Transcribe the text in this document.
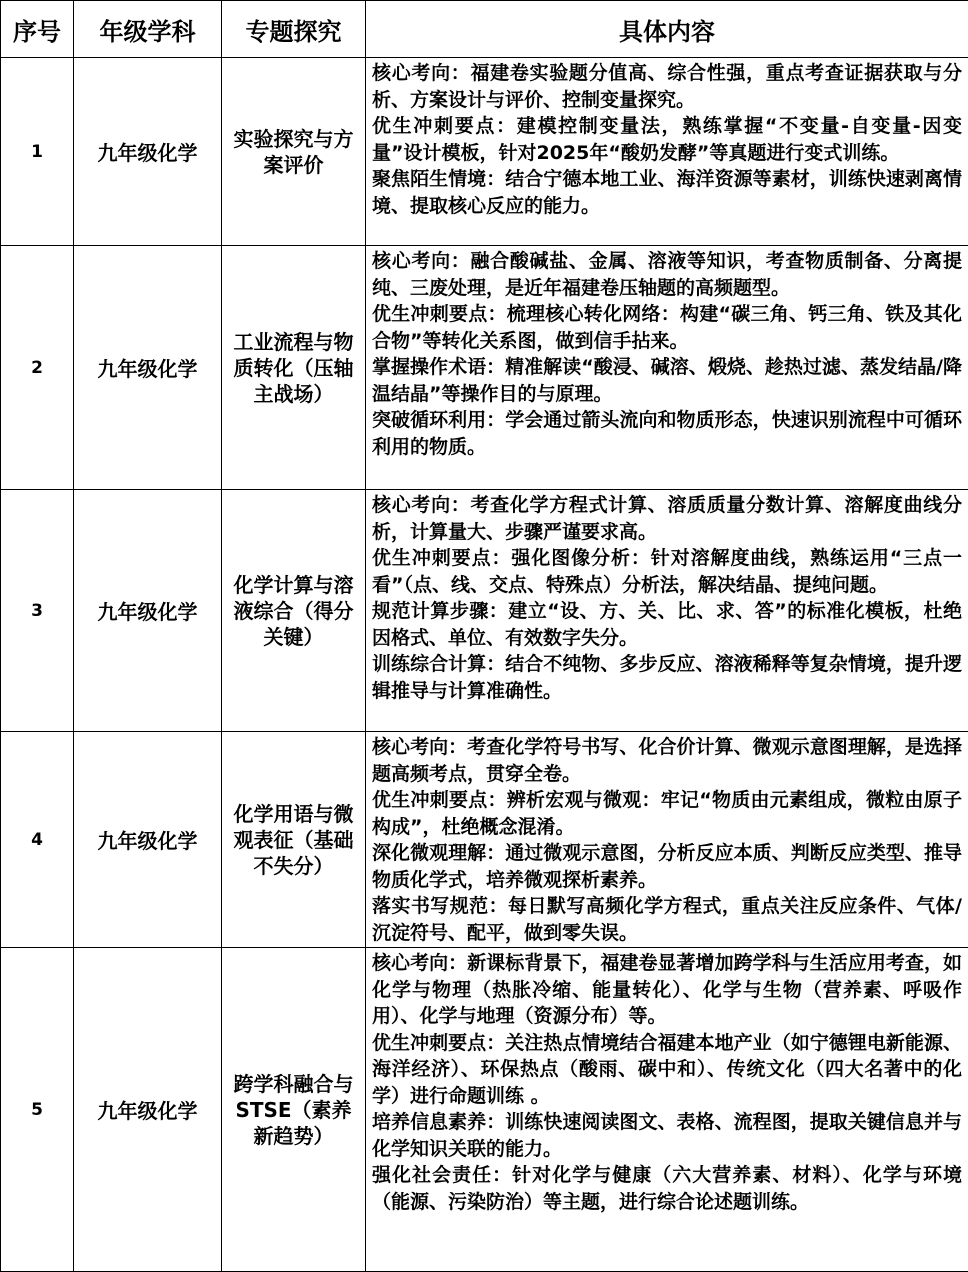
序号	年级学科	专题探究	具体内容
1	九年级化学	实验探究与方案评价	核心考向：福建卷实验题分值高、综合性强，重点考查证据获取与分析、方案设计与评价、控制变量探究。
优生冲刺要点：建模控制变量法，熟练掌握“不变量-自变量-因变量”设计模板，针对2025年“酸奶发酵”等真题进行变式训练。
聚焦陌生情境：结合宁德本地工业、海洋资源等素材，训练快速剥离情境、提取核心反应的能力。

2	九年级化学	工业流程与物质转化（压轴主战场）	核心考向：融合酸碱盐、金属、溶液等知识，考查物质制备、分离提纯、三废处理，是近年福建卷压轴题的高频题型。
优生冲刺要点：梳理核心转化网络：构建“碳三角、钙三角、铁及其化合物”等转化关系图，做到信手拈来。
掌握操作术语：精准解读“酸浸、碱溶、煅烧、趁热过滤、蒸发结晶/降温结晶”等操作目的与原理。
突破循环利用：学会通过箭头流向和物质形态，快速识别流程中可循环利用的物质。

3	九年级化学	化学计算与溶液综合（得分关键）	核心考向：考查化学方程式计算、溶质质量分数计算、溶解度曲线分析，计算量大、步骤严谨要求高。
优生冲刺要点：强化图像分析：针对溶解度曲线，熟练运用“三点一看”（点、线、交点、特殊点）分析法，解决结晶、提纯问题。
规范计算步骤：建立“设、方、关、比、求、答”的标准化模板，杜绝因格式、单位、有效数字失分。
训练综合计算：结合不纯物、多步反应、溶液稀释等复杂情境，提升逻辑推导与计算准确性。

4	九年级化学	化学用语与微观表征（基础不失分）	核心考向：考查化学符号书写、化合价计算、微观示意图理解，是选择题高频考点，贯穿全卷。
优生冲刺要点：辨析宏观与微观：牢记“物质由元素组成，微粒由原子构成”，杜绝概念混淆。
深化微观理解：通过微观示意图，分析反应本质、判断反应类型、推导物质化学式，培养微观探析素养。
落实书写规范：每日默写高频化学方程式，重点关注反应条件、气体/沉淀符号、配平，做到零失误。

5	九年级化学	跨学科融合与STSE（素养新趋势）	核心考向：新课标背景下，福建卷显著增加跨学科与生活应用考查，如化学与物理（热胀冷缩、能量转化）、化学与生物（营养素、呼吸作用）、化学与地理（资源分布）等。
优生冲刺要点：关注热点情境结合福建本地产业（如宁德锂电新能源、海洋经济）、环保热点（酸雨、碳中和）、传统文化（四大名著中的化学）进行命题训练 。
培养信息素养：训练快速阅读图文、表格、流程图，提取关键信息并与化学知识关联的能力。
强化社会责任：针对化学与健康（六大营养素、材料）、化学与环境（能源、污染防治）等主题，进行综合论述题训练。
